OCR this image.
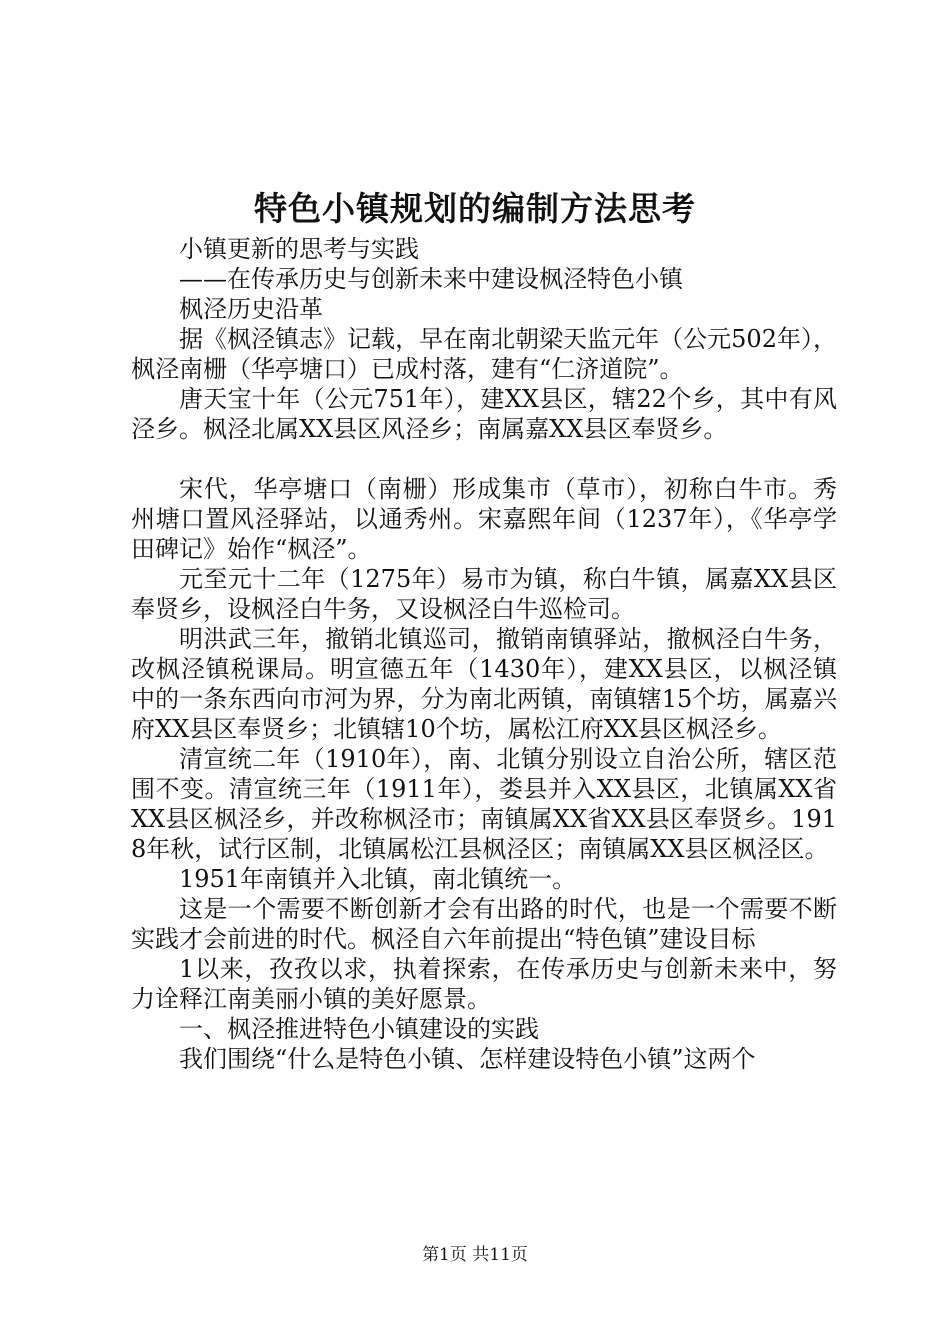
特色小镇规划的编制方法思考

小镇更新的思考与实践

——在传承历史与创新未来中建设枫泾特色小镇

枫泾历史沿革

据《枫泾镇志》记载，早在南北朝梁天监元年（公元502年），枫泾南栅（华亭塘口）已成村落，建有“仁济道院”。

唐天宝十年（公元751年），建XX县区，辖22个乡，其中有风泾乡。枫泾北属XX县区风泾乡；南属嘉XX县区奉贤乡。

宋代，华亭塘口（南栅）形成集市（草市），初称白牛市。秀州塘口置风泾驿站，以通秀州。宋嘉熙年间（1237年），《华亭学田碑记》始作“枫泾”。

元至元十二年（1275年）易市为镇，称白牛镇，属嘉XX县区奉贤乡，设枫泾白牛务，又设枫泾白牛巡检司。

明洪武三年，撤销北镇巡司，撤销南镇驿站，撤枫泾白牛务，改枫泾镇税课局。明宣德五年（1430年），建XX县区，以枫泾镇中的一条东西向市河为界，分为南北两镇，南镇辖15个坊，属嘉兴府XX县区奉贤乡；北镇辖10个坊，属松江府XX县区枫泾乡。

清宣统二年（1910年），南、北镇分别设立自治公所，辖区范围不变。清宣统三年（1911年），娄县并入XX县区，北镇属XX省XX县区枫泾乡，并改称枫泾市；南镇属XX省XX县区奉贤乡。1918年秋，试行区制，北镇属松江县枫泾区；南镇属XX县区枫泾区。

1951年南镇并入北镇，南北镇统一。

这是一个需要不断创新才会有出路的时代，也是一个需要不断实践才会前进的时代。枫泾自六年前提出“特色镇”建设目标

1以来，孜孜以求，执着探索，在传承历史与创新未来中，努力诠释江南美丽小镇的美好愿景。

一、枫泾推进特色小镇建设的实践

我们围绕“什么是特色小镇、怎样建设特色小镇”这两个

第1页 共11页
